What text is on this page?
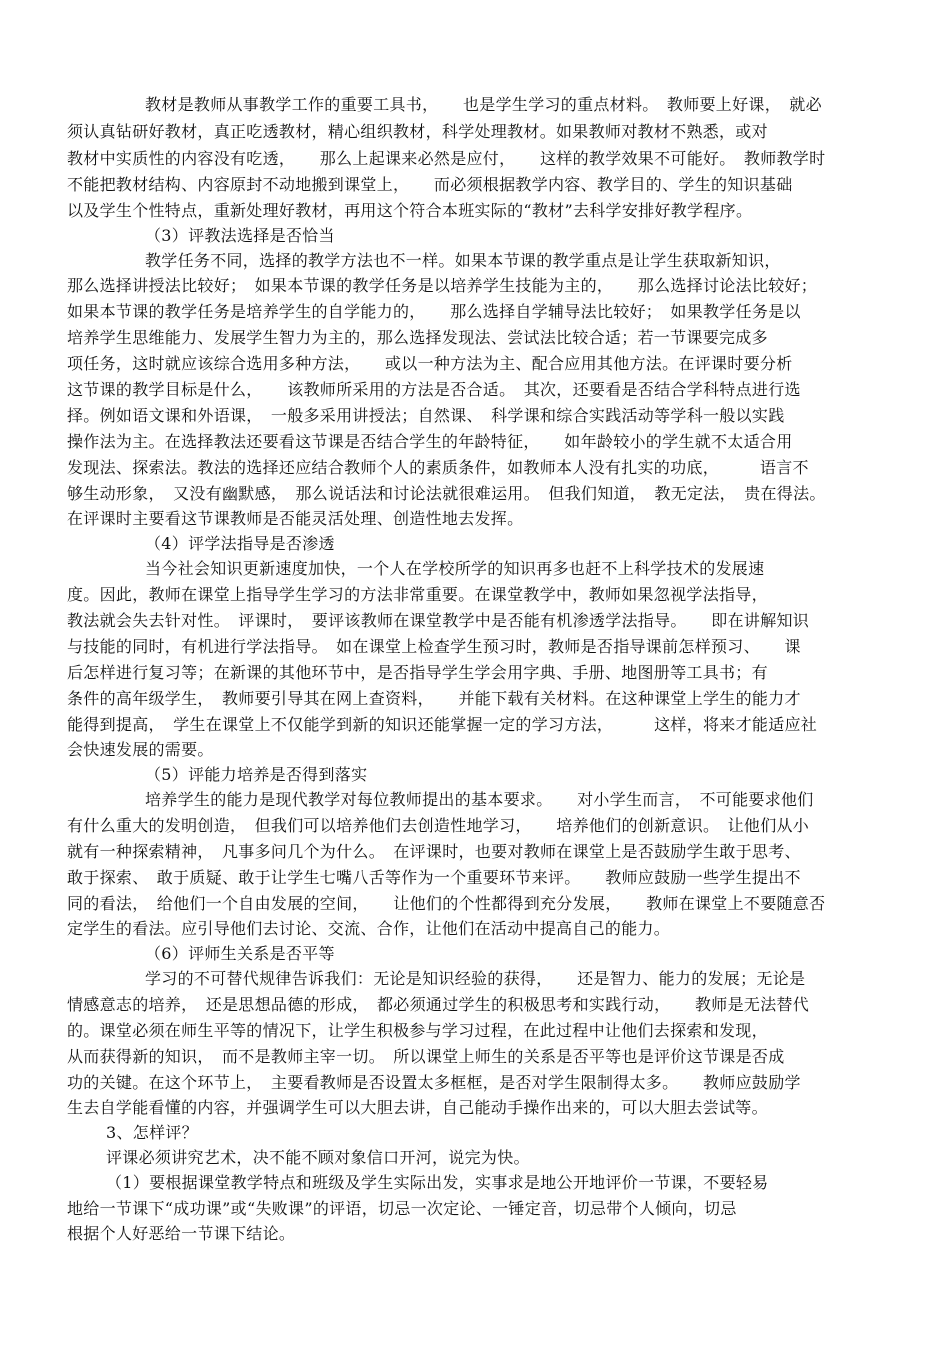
教材是教师从事教学工作的重要工具书，　　也是学生学习的重点材料。　教师要上好课，　就必
须认真钻研好教材，真正吃透教材，精心组织教材，科学处理教材。如果教师对教材不熟悉，或对
教材中实质性的内容没有吃透，　　那么上起课来必然是应付，　　这样的教学效果不可能好。　教师教学时
不能把教材结构、内容原封不动地搬到课堂上，　　而必须根据教学内容、教学目的、学生的知识基础
以及学生个性特点，重新处理好教材，再用这个符合本班实际的“教材”去科学安排好教学程序。
（3）评教法选择是否恰当
教学任务不同，选择的教学方法也不一样。如果本节课的教学重点是让学生获取新知识，
那么选择讲授法比较好；　如果本节课的教学任务是以培养学生技能为主的，　　那么选择讨论法比较好；
如果本节课的教学任务是培养学生的自学能力的，　　那么选择自学辅导法比较好；　如果教学任务是以
培养学生思维能力、发展学生智力为主的，那么选择发现法、尝试法比较合适；若一节课要完成多
项任务，这时就应该综合选用多种方法，　　或以一种方法为主、配合应用其他方法。在评课时要分析
这节课的教学目标是什么，　　该教师所采用的方法是否合适。　其次，还要看是否结合学科特点进行选
择。例如语文课和外语课，　一般多采用讲授法；自然课、　科学课和综合实践活动等学科一般以实践
操作法为主。在选择教法还要看这节课是否结合学生的年龄特征，　　如年龄较小的学生就不太适合用
发现法、探索法。教法的选择还应结合教师个人的素质条件，如教师本人没有扎实的功底，　　　语言不
够生动形象，　又没有幽默感，　那么说话法和讨论法就很难运用。　但我们知道，　教无定法，　贵在得法。
在评课时主要看这节课教师是否能灵活处理、创造性地去发挥。
（4）评学法指导是否渗透
当今社会知识更新速度加快，一个人在学校所学的知识再多也赶不上科学技术的发展速
度。因此，教师在课堂上指导学生学习的方法非常重要。在课堂教学中，教师如果忽视学法指导，
教法就会失去针对性。　评课时，　要评该教师在课堂教学中是否能有机渗透学法指导。　　即在讲解知识
与技能的同时，有机进行学法指导。　如在课堂上检查学生预习时，教师是否指导课前怎样预习、　　课
后怎样进行复习等；在新课的其他环节中，是否指导学生学会用字典、手册、地图册等工具书；有
条件的高年级学生，　教师要引导其在网上查资料，　　并能下载有关材料。在这种课堂上学生的能力才
能得到提高，　学生在课堂上不仅能学到新的知识还能掌握一定的学习方法，　　　这样，将来才能适应社
会快速发展的需要。
（5）评能力培养是否得到落实
培养学生的能力是现代教学对每位教师提出的基本要求。　　对小学生而言，　不可能要求他们
有什么重大的发明创造，　但我们可以培养他们去创造性地学习，　　培养他们的创新意识。　让他们从小
就有一种探索精神，　凡事多问几个为什么。　在评课时，也要对教师在课堂上是否鼓励学生敢于思考、
敢于探索、　敢于质疑、敢于让学生七嘴八舌等作为一个重要环节来评。　　教师应鼓励一些学生提出不
同的看法，　给他们一个自由发展的空间，　　让他们的个性都得到充分发展，　　教师在课堂上不要随意否
定学生的看法。应引导他们去讨论、交流、合作，让他们在活动中提高自己的能力。
（6）评师生关系是否平等
学习的不可替代规律告诉我们：无论是知识经验的获得，　　还是智力、能力的发展；无论是
情感意志的培养，　还是思想品德的形成，　都必须通过学生的积极思考和实践行动，　　教师是无法替代
的。课堂必须在师生平等的情况下，让学生积极参与学习过程，在此过程中让他们去探索和发现，
从而获得新的知识，　而不是教师主宰一切。　所以课堂上师生的关系是否平等也是评价这节课是否成
功的关键。在这个环节上，　主要看教师是否设置太多框框，是否对学生限制得太多。　　教师应鼓励学
生去自学能看懂的内容，并强调学生可以大胆去讲，自己能动手操作出来的，可以大胆去尝试等。
3、怎样评？
评课必须讲究艺术，决不能不顾对象信口开河，说完为快。
（1）要根据课堂教学特点和班级及学生实际出发，实事求是地公开地评价一节课，不要轻易
地给一节课下“成功课”或“失败课”的评语，切忌一次定论、一锤定音，切忌带个人倾向，切忌
根据个人好恶给一节课下结论。
